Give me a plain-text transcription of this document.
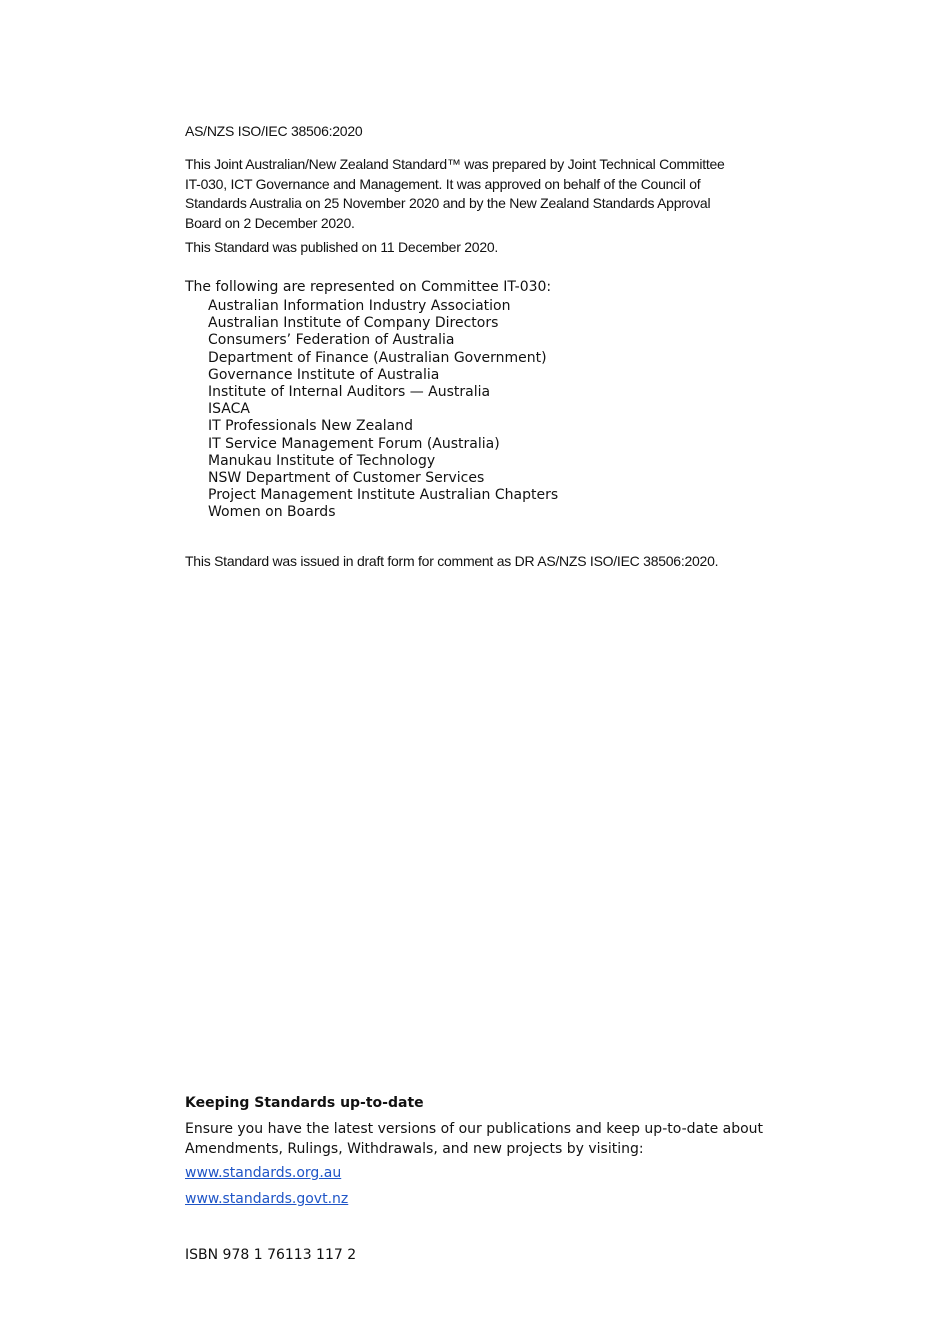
AS/NZS ISO/IEC 38506:2020
This Joint Australian/New Zealand Standard™ was prepared by Joint Technical Committee
IT-030, ICT Governance and Management. It was approved on behalf of the Council of
Standards Australia on 25 November 2020 and by the New Zealand Standards Approval
Board on 2 December 2020.
This Standard was published on 11 December 2020.
The following are represented on Committee IT-030:
Australian Information Industry Association
Australian Institute of Company Directors
Consumers’ Federation of Australia
Department of Finance (Australian Government)
Governance Institute of Australia
Institute of Internal Auditors — Australia
ISACA
IT Professionals New Zealand
IT Service Management Forum (Australia)
Manukau Institute of Technology
NSW Department of Customer Services
Project Management Institute Australian Chapters
Women on Boards
This Standard was issued in draft form for comment as DR AS/NZS ISO/IEC 38506:2020.
Keeping Standards up-to-date
Ensure you have the latest versions of our publications and keep up-to-date about
Amendments, Rulings, Withdrawals, and new projects by visiting:
www.standards.org.au
www.standards.govt.nz
ISBN 978 1 76113 117 2
